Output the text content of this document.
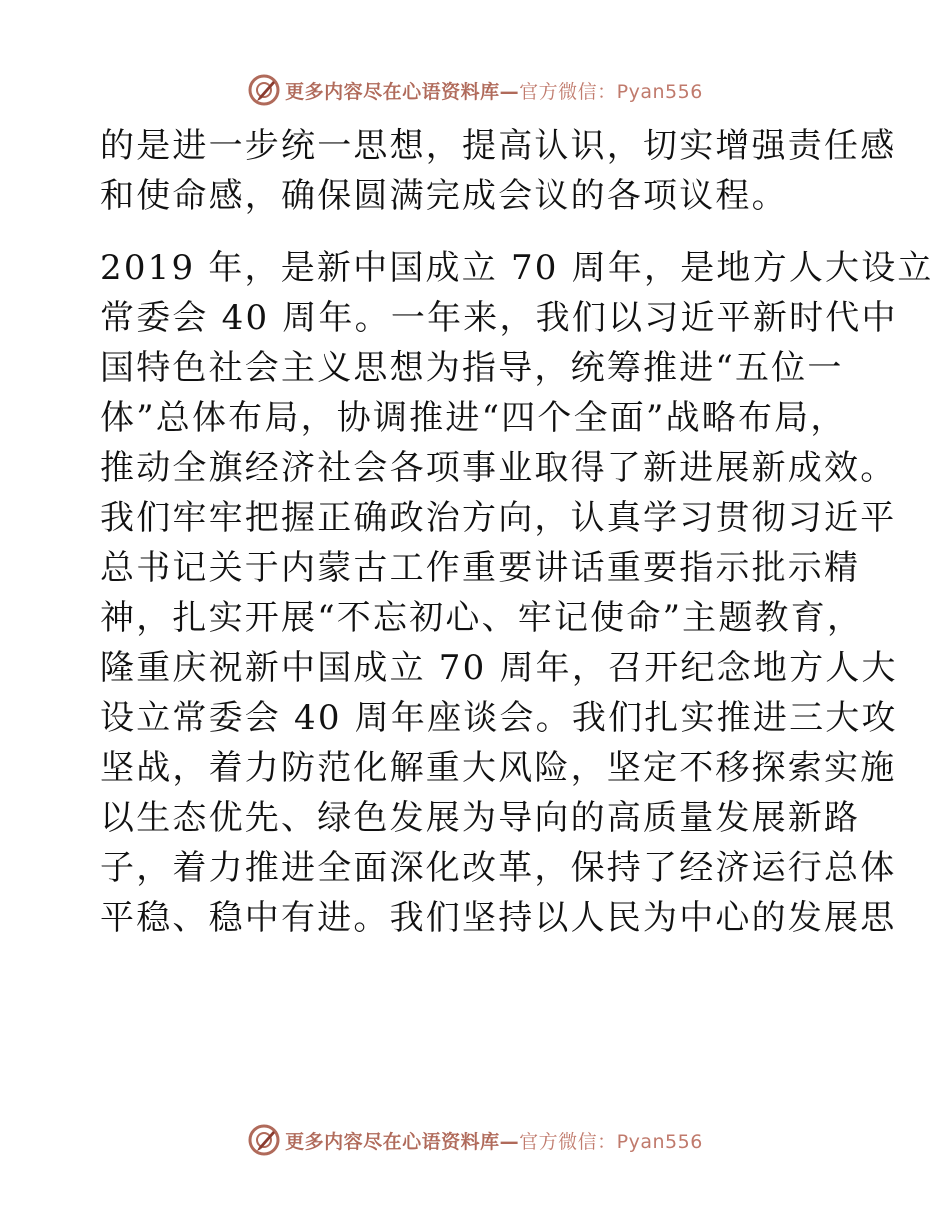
更多内容尽在心语资料库—官方微信：Pyan556
的是进一步统一思想，提高认识，切实增强责任感
和使命感，确保圆满完成会议的各项议程。
2019 年，是新中国成立 70 周年，是地方人大设立
常委会 40 周年。一年来，我们以习近平新时代中
国特色社会主义思想为指导，统筹推进“五位一
体”总体布局，协调推进“四个全面”战略布局，
推动全旗经济社会各项事业取得了新进展新成效。
我们牢牢把握正确政治方向，认真学习贯彻习近平
总书记关于内蒙古工作重要讲话重要指示批示精
神，扎实开展“不忘初心、牢记使命”主题教育，
隆重庆祝新中国成立 70 周年，召开纪念地方人大
设立常委会 40 周年座谈会。我们扎实推进三大攻
坚战，着力防范化解重大风险，坚定不移探索实施
以生态优先、绿色发展为导向的高质量发展新路
子，着力推进全面深化改革，保持了经济运行总体
平稳、稳中有进。我们坚持以人民为中心的发展思
更多内容尽在心语资料库—官方微信：Pyan556
